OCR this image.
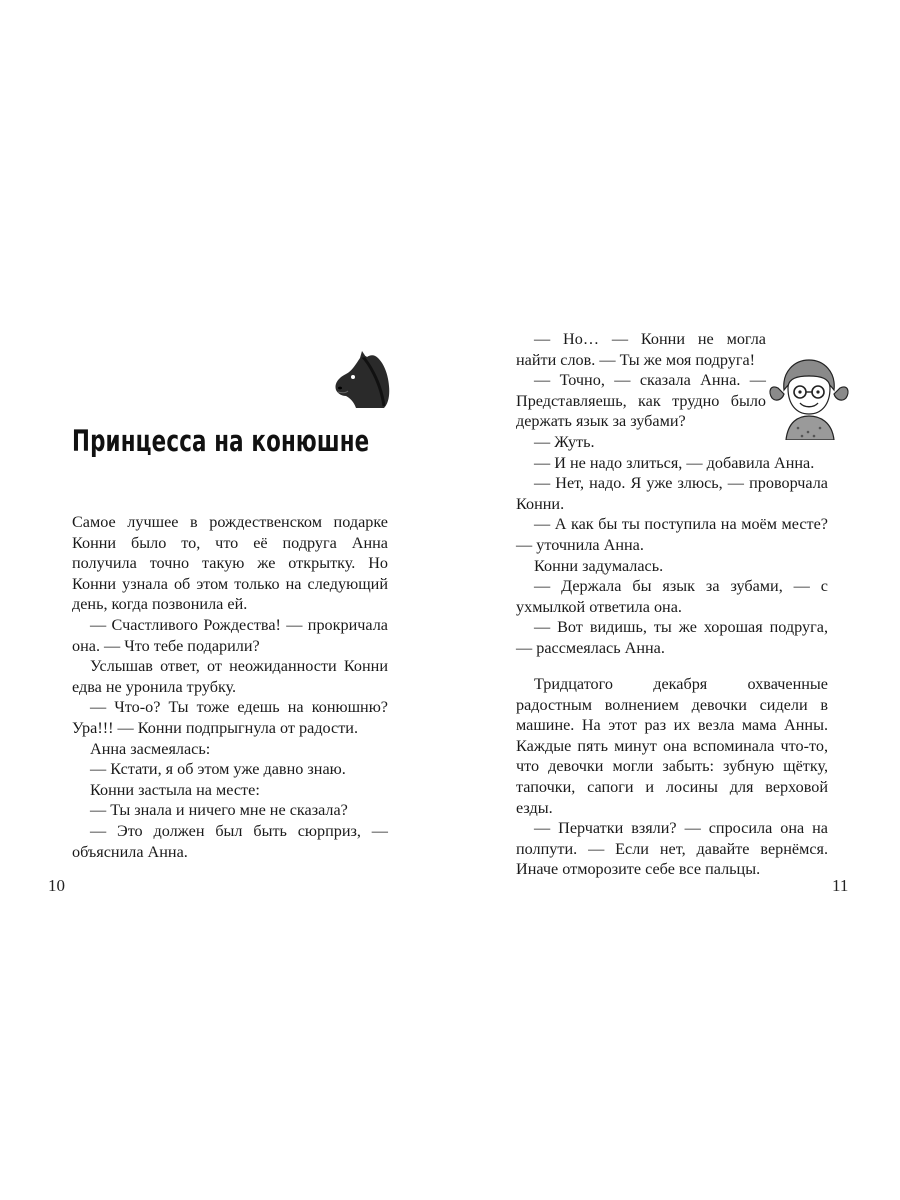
Принцесса на конюшне

Самое лучшее в рождественском подарке Конни было то, что её подруга Анна получила точно такую же открытку. Но Конни узнала об этом только на следующий день, когда позвонила ей.

— Счастливого Рождества! — прокричала она. — Что тебе подарили?

Услышав ответ, от неожиданности Конни едва не уронила трубку.

— Что-о? Ты тоже едешь на конюшню? Ура!!! — Конни подпрыгнула от радости.

Анна засмеялась:

— Кстати, я об этом уже давно знаю.

Конни застыла на месте:

— Ты знала и ничего мне не сказала?

— Это должен был быть сюрприз, — объяснила Анна.

10

— Но… — Конни не могла найти слов. — Ты же моя подруга!

— Точно, — сказала Анна. — Представляешь, как трудно было держать язык за зубами?

— Жуть.

— И не надо злиться, — добавила Анна.

— Нет, надо. Я уже злюсь, — проворчала Конни.

— А как бы ты поступила на моём месте? — уточнила Анна.

Конни задумалась.

— Держала бы язык за зубами, — с ухмылкой ответила она.

— Вот видишь, ты же хорошая подруга, — рассмеялась Анна.

Тридцатого декабря охваченные радостным волнением девочки сидели в машине. На этот раз их везла мама Анны. Каждые пять минут она вспоминала что-то, что девочки могли забыть: зубную щётку, тапочки, сапоги и лосины для верховой езды.

— Перчатки взяли? — спросила она на полпути. — Если нет, давайте вернёмся. Иначе отморозите себе все пальцы.

11
